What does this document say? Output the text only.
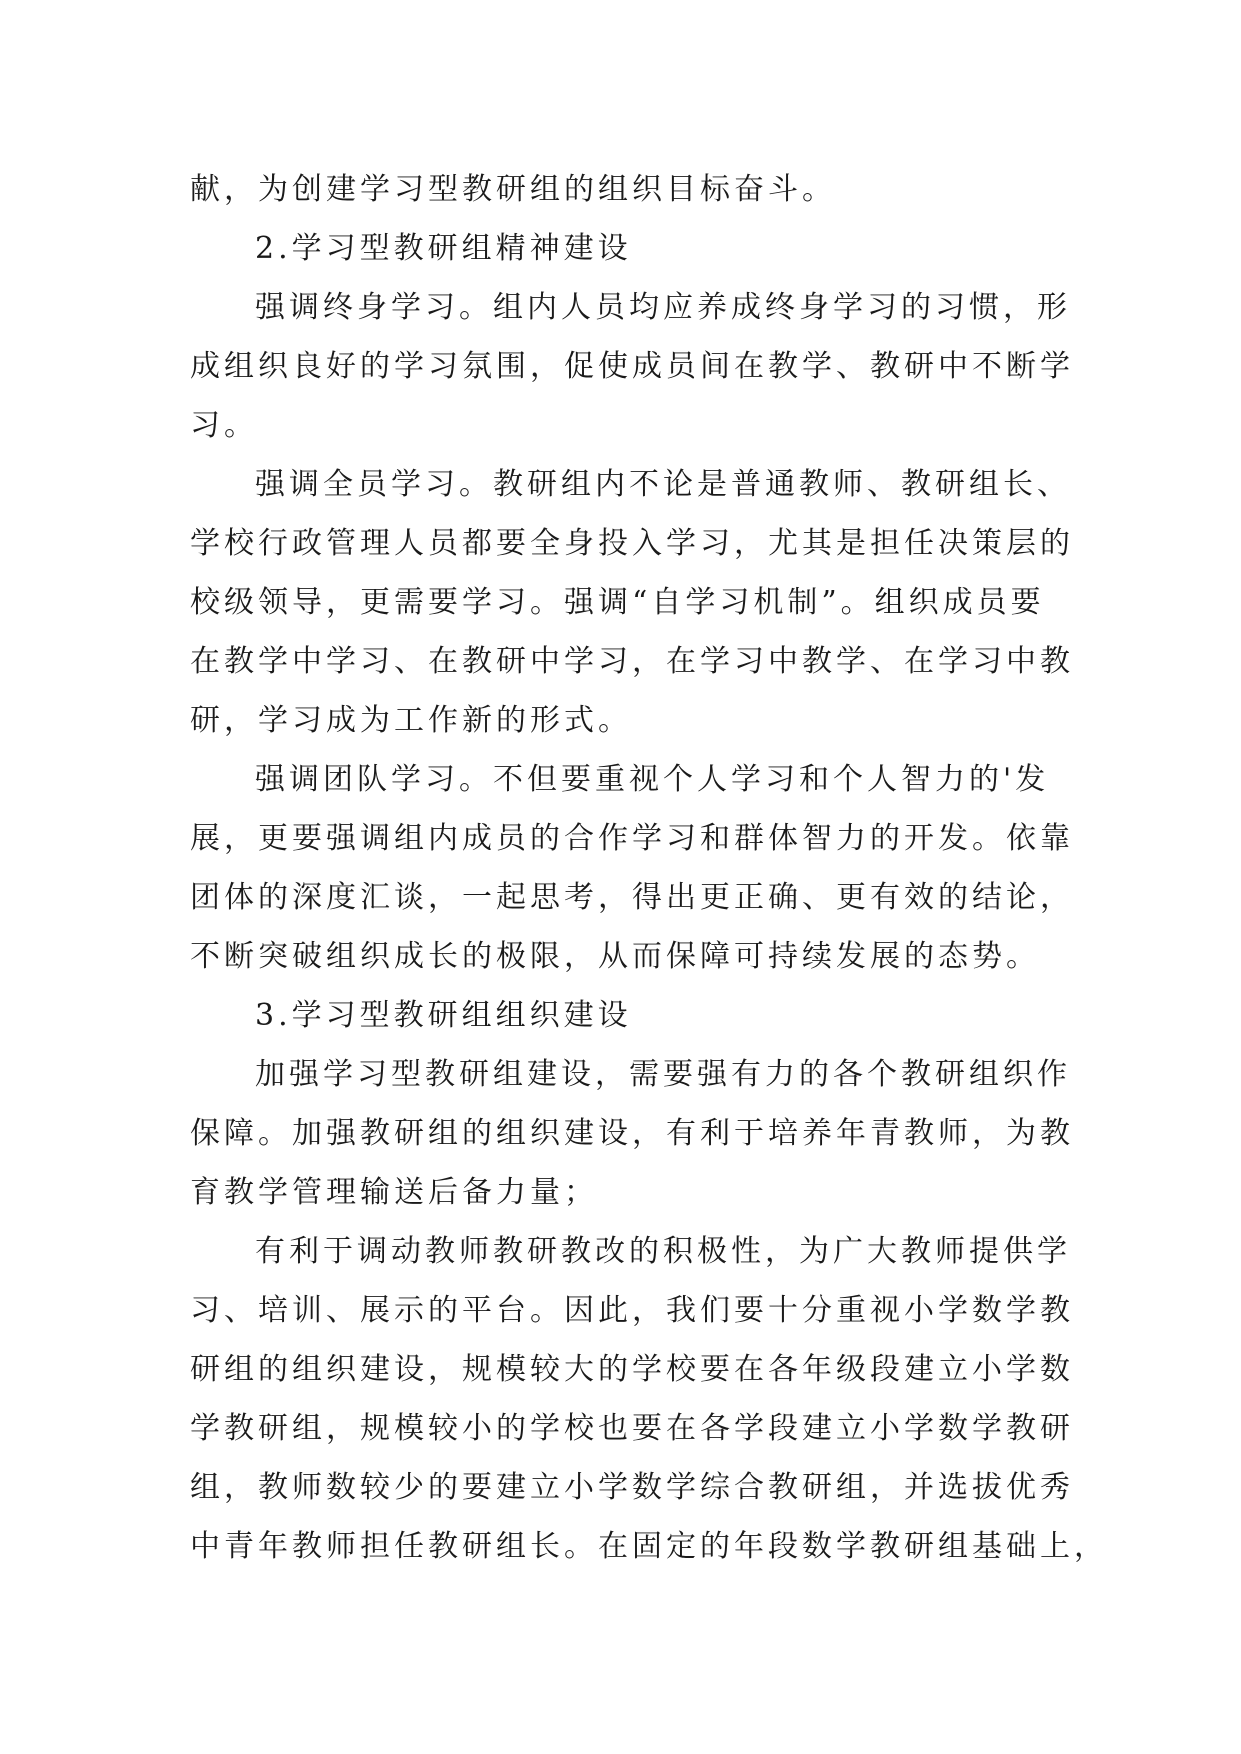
献，为创建学习型教研组的组织目标奋斗。
2.学习型教研组精神建设
强调终身学习。组内人员均应养成终身学习的习惯，形
成组织良好的学习氛围，促使成员间在教学、教研中不断学
习。
强调全员学习。教研组内不论是普通教师、教研组长、
学校行政管理人员都要全身投入学习，尤其是担任决策层的
校级领导，更需要学习。强调“自学习机制”。组织成员要
在教学中学习、在教研中学习，在学习中教学、在学习中教
研，学习成为工作新的形式。
强调团队学习。不但要重视个人学习和个人智力的'发
展，更要强调组内成员的合作学习和群体智力的开发。依靠
团体的深度汇谈，一起思考，得出更正确、更有效的结论，
不断突破组织成长的极限，从而保障可持续发展的态势。
3.学习型教研组组织建设
加强学习型教研组建设，需要强有力的各个教研组织作
保障。加强教研组的组织建设，有利于培养年青教师，为教
育教学管理输送后备力量；
有利于调动教师教研教改的积极性，为广大教师提供学
习、培训、展示的平台。因此，我们要十分重视小学数学教
研组的组织建设，规模较大的学校要在各年级段建立小学数
学教研组，规模较小的学校也要在各学段建立小学数学教研
组，教师数较少的要建立小学数学综合教研组，并选拔优秀
中青年教师担任教研组长。在固定的年段数学教研组基础上，
